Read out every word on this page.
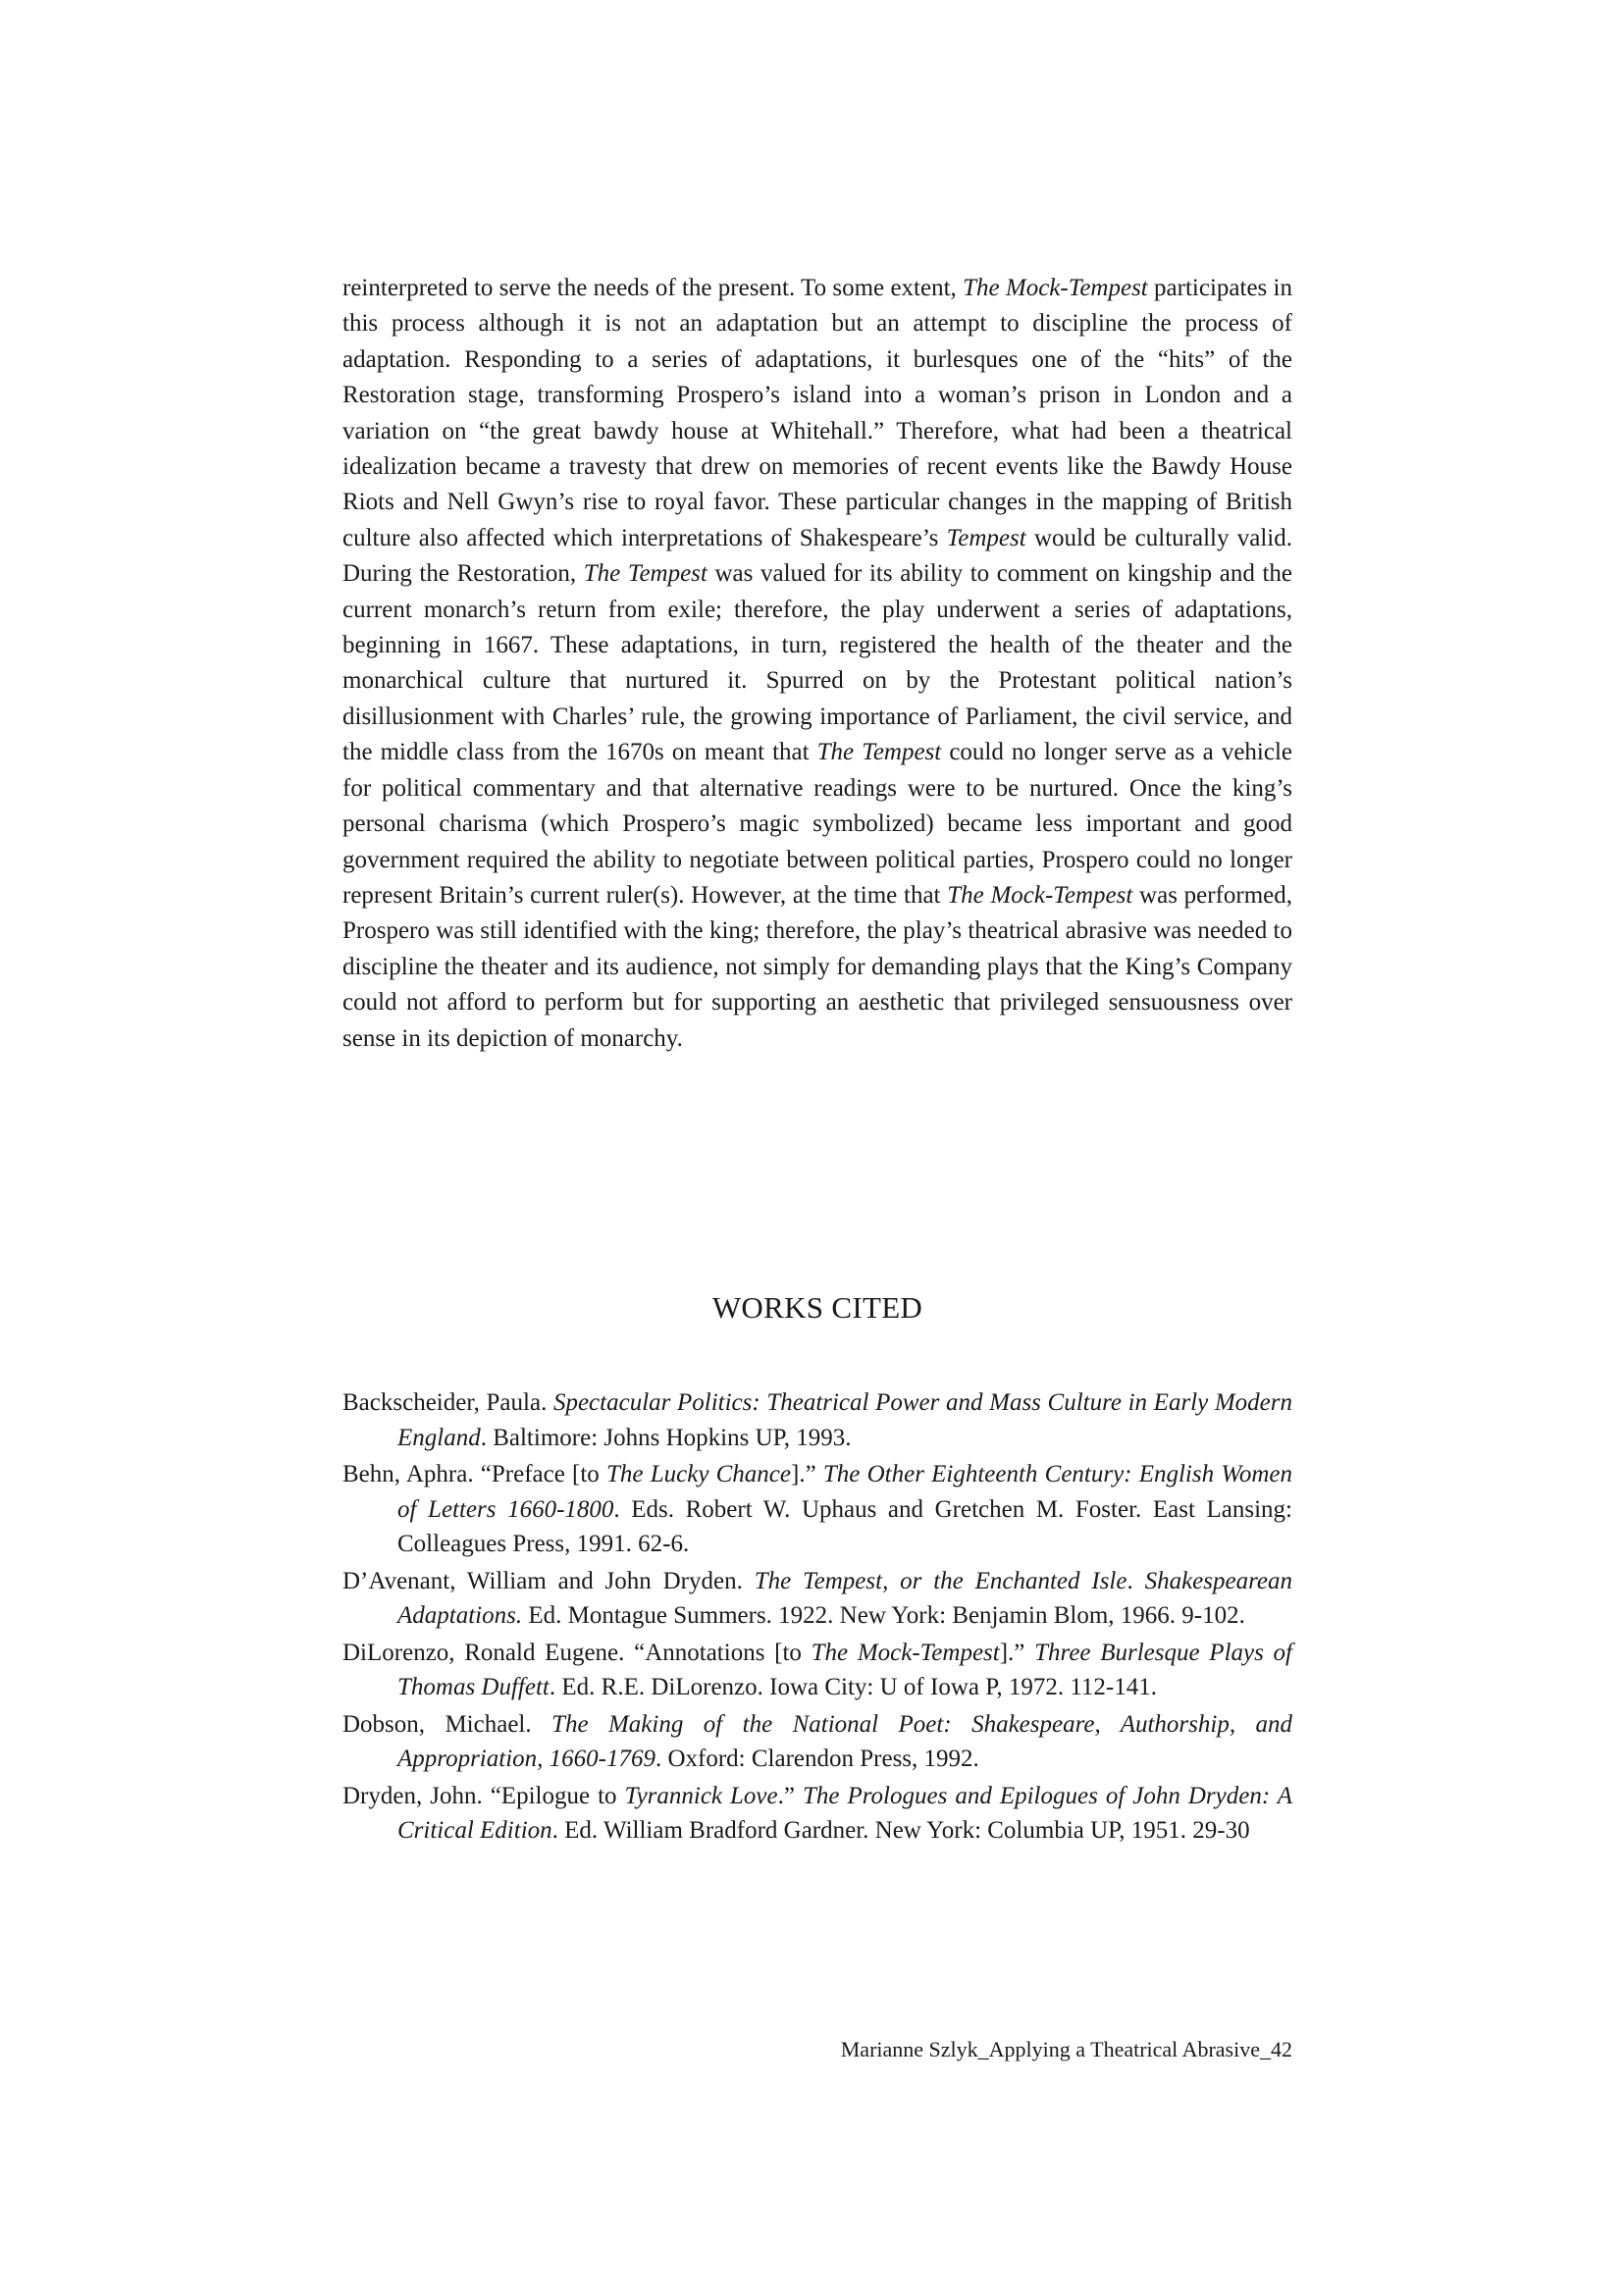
reinterpreted to serve the needs of the present. To some extent, The Mock-Tempest participates in this process although it is not an adaptation but an attempt to discipline the process of adaptation. Responding to a series of adaptations, it burlesques one of the “hits” of the Restoration stage, transforming Prospero’s island into a woman’s prison in London and a variation on “the great bawdy house at Whitehall.” Therefore, what had been a theatrical idealization became a travesty that drew on memories of recent events like the Bawdy House Riots and Nell Gwyn’s rise to royal favor. These particular changes in the mapping of British culture also affected which interpretations of Shakespeare’s Tempest would be culturally valid. During the Restoration, The Tempest was valued for its ability to comment on kingship and the current monarch’s return from exile; therefore, the play underwent a series of adaptations, beginning in 1667. These adaptations, in turn, registered the health of the theater and the monarchical culture that nurtured it. Spurred on by the Protestant political nation’s disillusionment with Charles’ rule, the growing importance of Parliament, the civil service, and the middle class from the 1670s on meant that The Tempest could no longer serve as a vehicle for political commentary and that alternative readings were to be nurtured. Once the king’s personal charisma (which Prospero’s magic symbolized) became less important and good government required the ability to negotiate between political parties, Prospero could no longer represent Britain’s current ruler(s). However, at the time that The Mock-Tempest was performed, Prospero was still identified with the king; therefore, the play’s theatrical abrasive was needed to discipline the theater and its audience, not simply for demanding plays that the King’s Company could not afford to perform but for supporting an aesthetic that privileged sensuousness over sense in its depiction of monarchy.

WORKS CITED
Backscheider, Paula. Spectacular Politics: Theatrical Power and Mass Culture in Early Modern England. Baltimore: Johns Hopkins UP, 1993.
Behn, Aphra. “Preface [to The Lucky Chance].” The Other Eighteenth Century: English Women of Letters 1660-1800. Eds. Robert W. Uphaus and Gretchen M. Foster. East Lansing: Colleagues Press, 1991. 62-6.
D’Avenant, William and John Dryden. The Tempest, or the Enchanted Isle. Shakespearean Adaptations. Ed. Montague Summers. 1922. New York: Benjamin Blom, 1966. 9-102.
DiLorenzo, Ronald Eugene. “Annotations [to The Mock-Tempest].” Three Burlesque Plays of Thomas Duffett. Ed. R.E. DiLorenzo. Iowa City: U of Iowa P, 1972. 112-141.
Dobson, Michael. The Making of the National Poet: Shakespeare, Authorship, and Appropriation, 1660-1769. Oxford: Clarendon Press, 1992.
Dryden, John. “Epilogue to Tyrannick Love.” The Prologues and Epilogues of John Dryden: A Critical Edition. Ed. William Bradford Gardner. New York: Columbia UP, 1951. 29-30

Marianne Szlyk_Applying a Theatrical Abrasive_42
